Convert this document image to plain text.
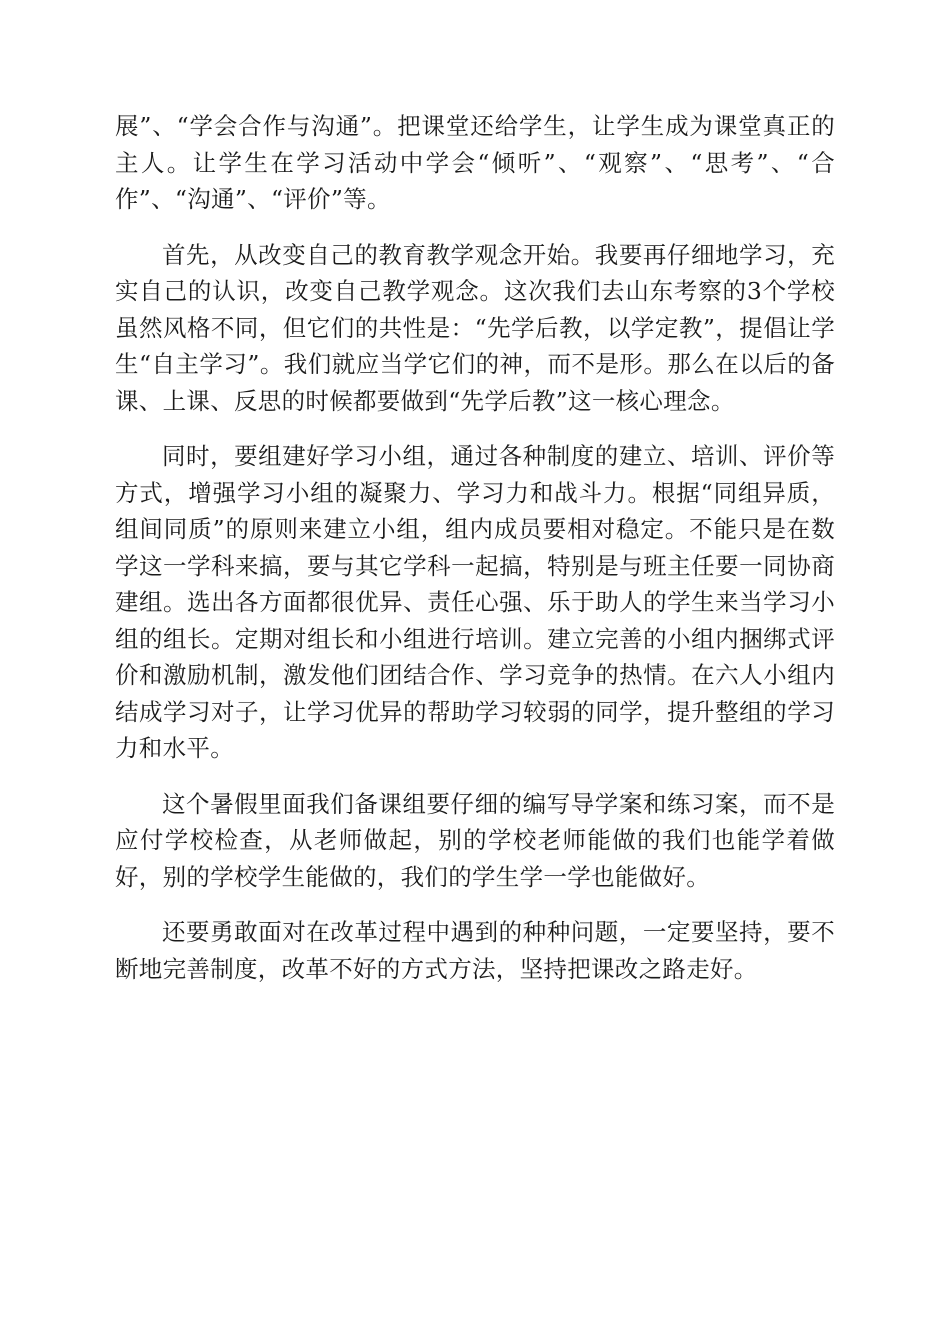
展”、“学会合作与沟通”。把课堂还给学生，让学生成为课堂真正的主人。让学生在学习活动中学会“倾听”、“观察”、“思考”、“合作”、“沟通”、“评价”等。

首先，从改变自己的教育教学观念开始。我要再仔细地学习，充实自己的认识，改变自己教学观念。这次我们去山东考察的3个学校虽然风格不同，但它们的共性是：“先学后教，以学定教”，提倡让学生“自主学习”。我们就应当学它们的神，而不是形。那么在以后的备课、上课、反思的时候都要做到“先学后教”这一核心理念。

同时，要组建好学习小组，通过各种制度的建立、培训、评价等方式，增强学习小组的凝聚力、学习力和战斗力。根据“同组异质，组间同质”的原则来建立小组，组内成员要相对稳定。不能只是在数学这一学科来搞，要与其它学科一起搞，特别是与班主任要一同协商建组。选出各方面都很优异、责任心强、乐于助人的学生来当学习小组的组长。定期对组长和小组进行培训。建立完善的小组内捆绑式评价和激励机制，激发他们团结合作、学习竞争的热情。在六人小组内结成学习对子，让学习优异的帮助学习较弱的同学，提升整组的学习力和水平。

这个暑假里面我们备课组要仔细的编写导学案和练习案，而不是应付学校检查，从老师做起，别的学校老师能做的我们也能学着做好，别的学校学生能做的，我们的学生学一学也能做好。

还要勇敢面对在改革过程中遇到的种种问题，一定要坚持，要不断地完善制度，改革不好的方式方法，坚持把课改之路走好。
